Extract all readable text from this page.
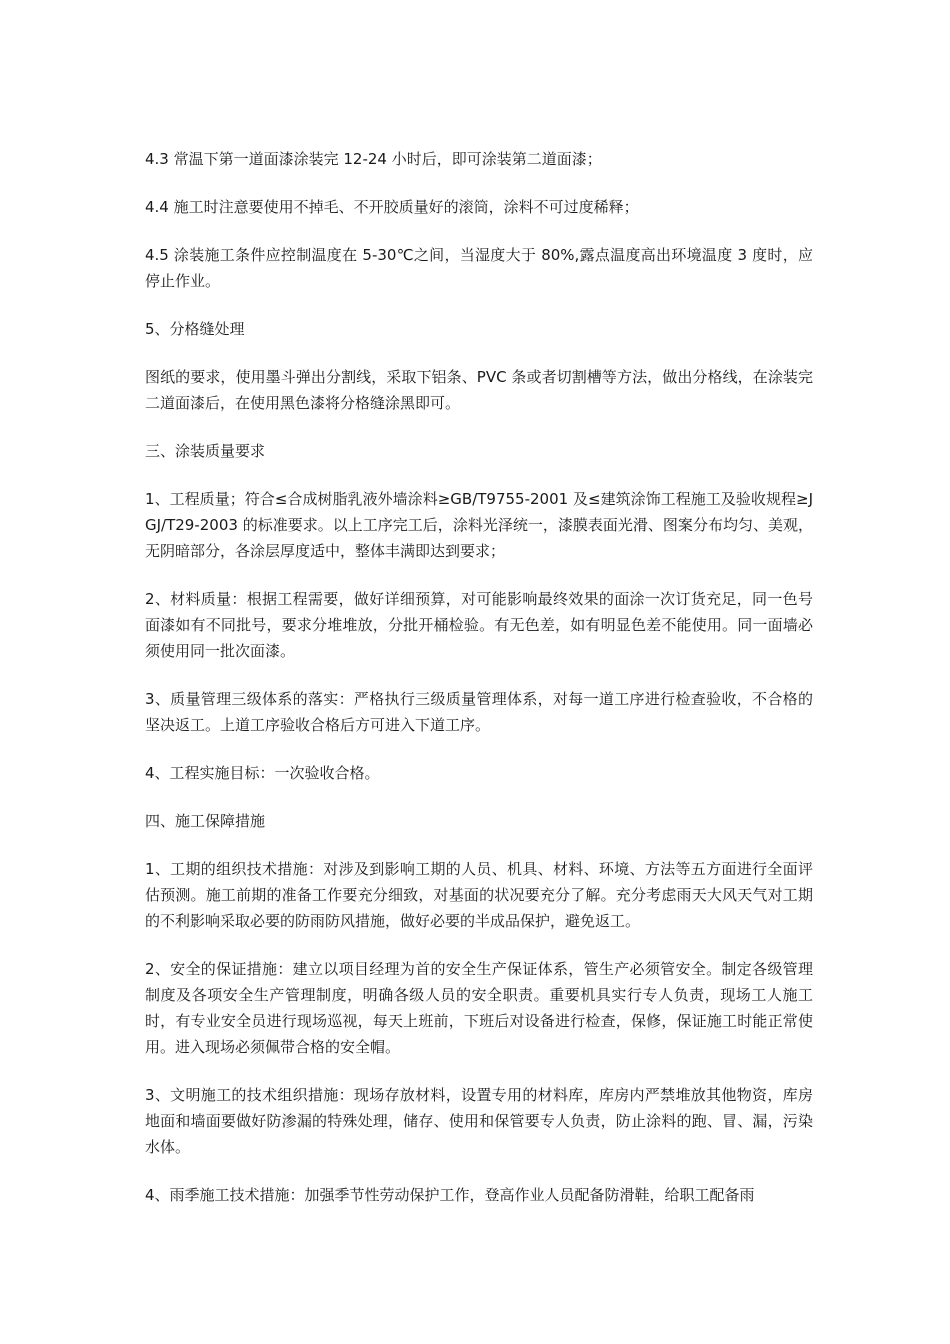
4.3 常温下第一道面漆涂装完 12-24 小时后，即可涂装第二道面漆；

4.4 施工时注意要使用不掉毛、不开胶质量好的滚筒，涂料不可过度稀释；

4.5 涂装施工条件应控制温度在 5-30℃之间，当湿度大于 80%,露点温度高出环境温度 3 度时，应停止作业。

5、分格缝处理

图纸的要求，使用墨斗弹出分割线，采取下铝条、PVC 条或者切割槽等方法，做出分格线，在涂装完二道面漆后，在使用黑色漆将分格缝涂黑即可。

三、涂装质量要求

1、工程质量；符合≤合成树脂乳液外墙涂料≥GB/T9755-2001 及≤建筑涂饰工程施工及验收规程≥JGJ/T29-2003 的标准要求。以上工序完工后，涂料光泽统一，漆膜表面光滑、图案分布均匀、美观，无阴暗部分，各涂层厚度适中，整体丰满即达到要求；

2、材料质量：根据工程需要，做好详细预算，对可能影响最终效果的面涂一次订货充足，同一色号面漆如有不同批号，要求分堆堆放，分批开桶检验。有无色差，如有明显色差不能使用。同一面墙必须使用同一批次面漆。

3、质量管理三级体系的落实：严格执行三级质量管理体系，对每一道工序进行检查验收，不合格的坚决返工。上道工序验收合格后方可进入下道工序。

4、工程实施目标：一次验收合格。

四、施工保障措施

1、工期的组织技术措施：对涉及到影响工期的人员、机具、材料、环境、方法等五方面进行全面评估预测。施工前期的准备工作要充分细致，对基面的状况要充分了解。充分考虑雨天大风天气对工期的不利影响采取必要的防雨防风措施，做好必要的半成品保护，避免返工。

2、安全的保证措施：建立以项目经理为首的安全生产保证体系，管生产必须管安全。制定各级管理制度及各项安全生产管理制度，明确各级人员的安全职责。重要机具实行专人负责，现场工人施工时，有专业安全员进行现场巡视，每天上班前，下班后对设备进行检查，保修，保证施工时能正常使用。进入现场必须佩带合格的安全帽。

3、文明施工的技术组织措施：现场存放材料，设置专用的材料库，库房内严禁堆放其他物资，库房地面和墙面要做好防渗漏的特殊处理，储存、使用和保管要专人负责，防止涂料的跑、冒、漏，污染水体。

4、雨季施工技术措施：加强季节性劳动保护工作，登高作业人员配备防滑鞋，给职工配备雨
